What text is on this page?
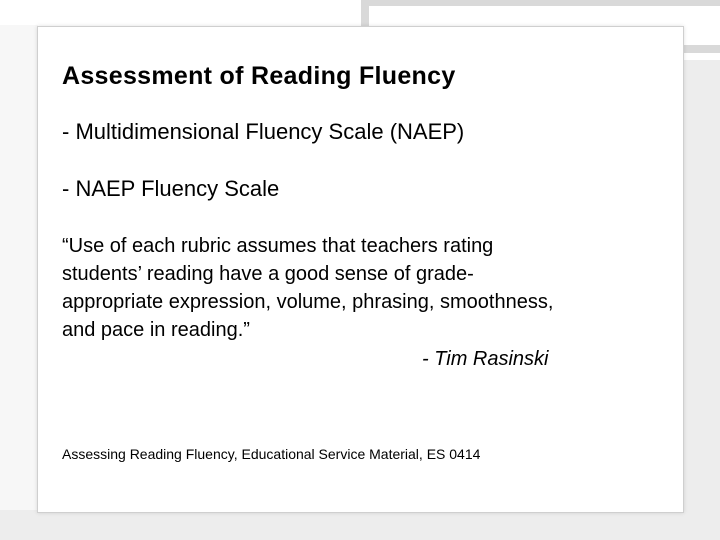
Assessment of Reading Fluency
- Multidimensional Fluency Scale (NAEP)
- NAEP Fluency Scale
“Use of each rubric assumes that teachers rating
students’ reading have a good sense of grade-
appropriate expression, volume, phrasing, smoothness,
and pace in reading.”
- Tim Rasinski
Assessing Reading Fluency, Educational Service Material, ES 0414
